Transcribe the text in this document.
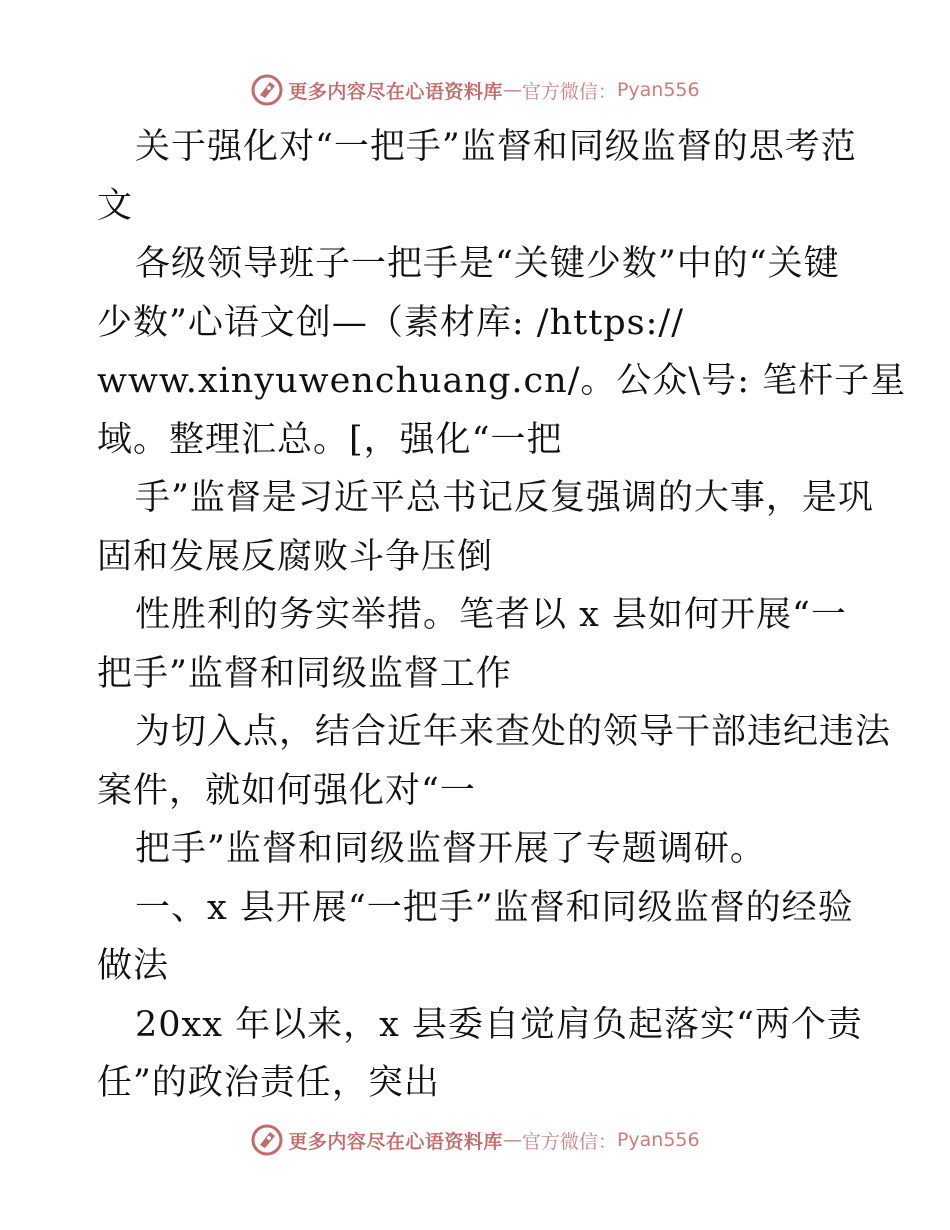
更多内容尽在心语资料库 — 官方微信： Pyan556
关于强化对“一把手”监督和同级监督的思考范
文
各级领导班子一把手是“关键少数”中的“关键
少数”心语文创—（素材库: /https://
www.xinyuwenchuang.cn/。公众\号: 笔杆子星
域。整理汇总。[，强化“一把
手”监督是习近平总书记反复强调的大事，是巩
固和发展反腐败斗争压倒
性胜利的务实举措。笔者以 x 县如何开展“一
把手”监督和同级监督工作
为切入点，结合近年来查处的领导干部违纪违法
案件，就如何强化对“一
把手”监督和同级监督开展了专题调研。
一、x 县开展“一把手”监督和同级监督的经验
做法
20xx 年以来，x 县委自觉肩负起落实“两个责
任”的政治责任，突出
更多内容尽在心语资料库 — 官方微信： Pyan556
